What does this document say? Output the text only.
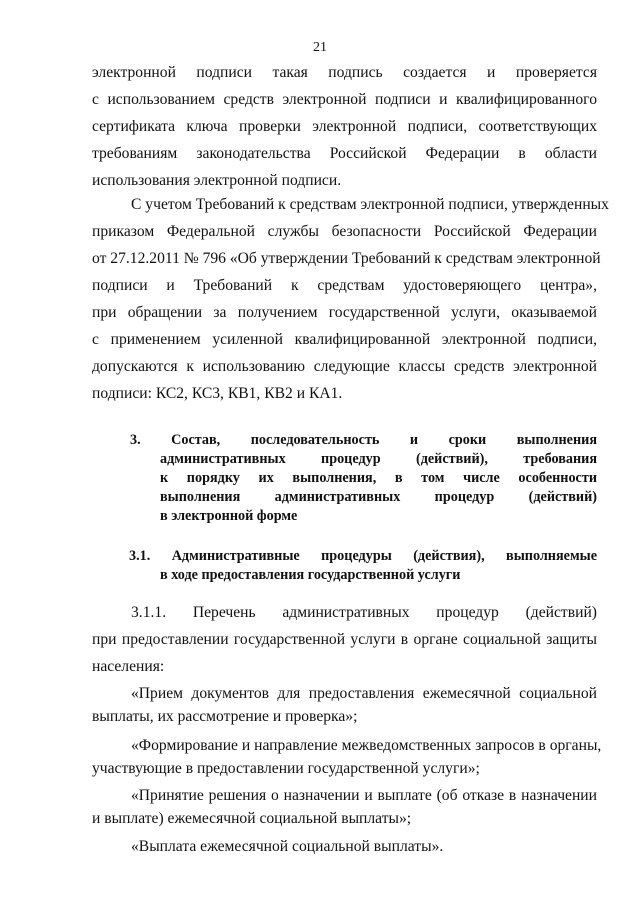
21
электронной подписи такая подпись создается и проверяется
с использованием средств электронной подписи и квалифицированного
сертификата ключа проверки электронной подписи, соответствующих
требованиям законодательства Российской Федерации в области
использования электронной подписи.
С учетом Требований к средствам электронной подписи, утвержденных
приказом Федеральной службы безопасности Российской Федерации
от 27.12.2011 № 796 «Об утверждении Требований к средствам электронной
подписи и Требований к средствам удостоверяющего центра»,
при обращении за получением государственной услуги, оказываемой
с применением усиленной квалифицированной электронной подписи,
допускаются к использованию следующие классы средств электронной
подписи: КС2, КС3, КВ1, КВ2 и КА1.
3. Состав, последовательность и сроки выполнения
административных процедур (действий), требования
к порядку их выполнения, в том числе особенности
выполнения административных процедур (действий)
в электронной форме
3.1. Административные процедуры (действия), выполняемые
в ходе предоставления государственной услуги
3.1.1. Перечень административных процедур (действий)
при предоставлении государственной услуги в органе социальной защиты
населения:
«Прием документов для предоставления ежемесячной социальной
выплаты, их рассмотрение и проверка»;
«Формирование и направление межведомственных запросов в органы,
участвующие в предоставлении государственной услуги»;
«Принятие решения о назначении и выплате (об отказе в назначении
и выплате) ежемесячной социальной выплаты»;
«Выплата ежемесячной социальной выплаты».
